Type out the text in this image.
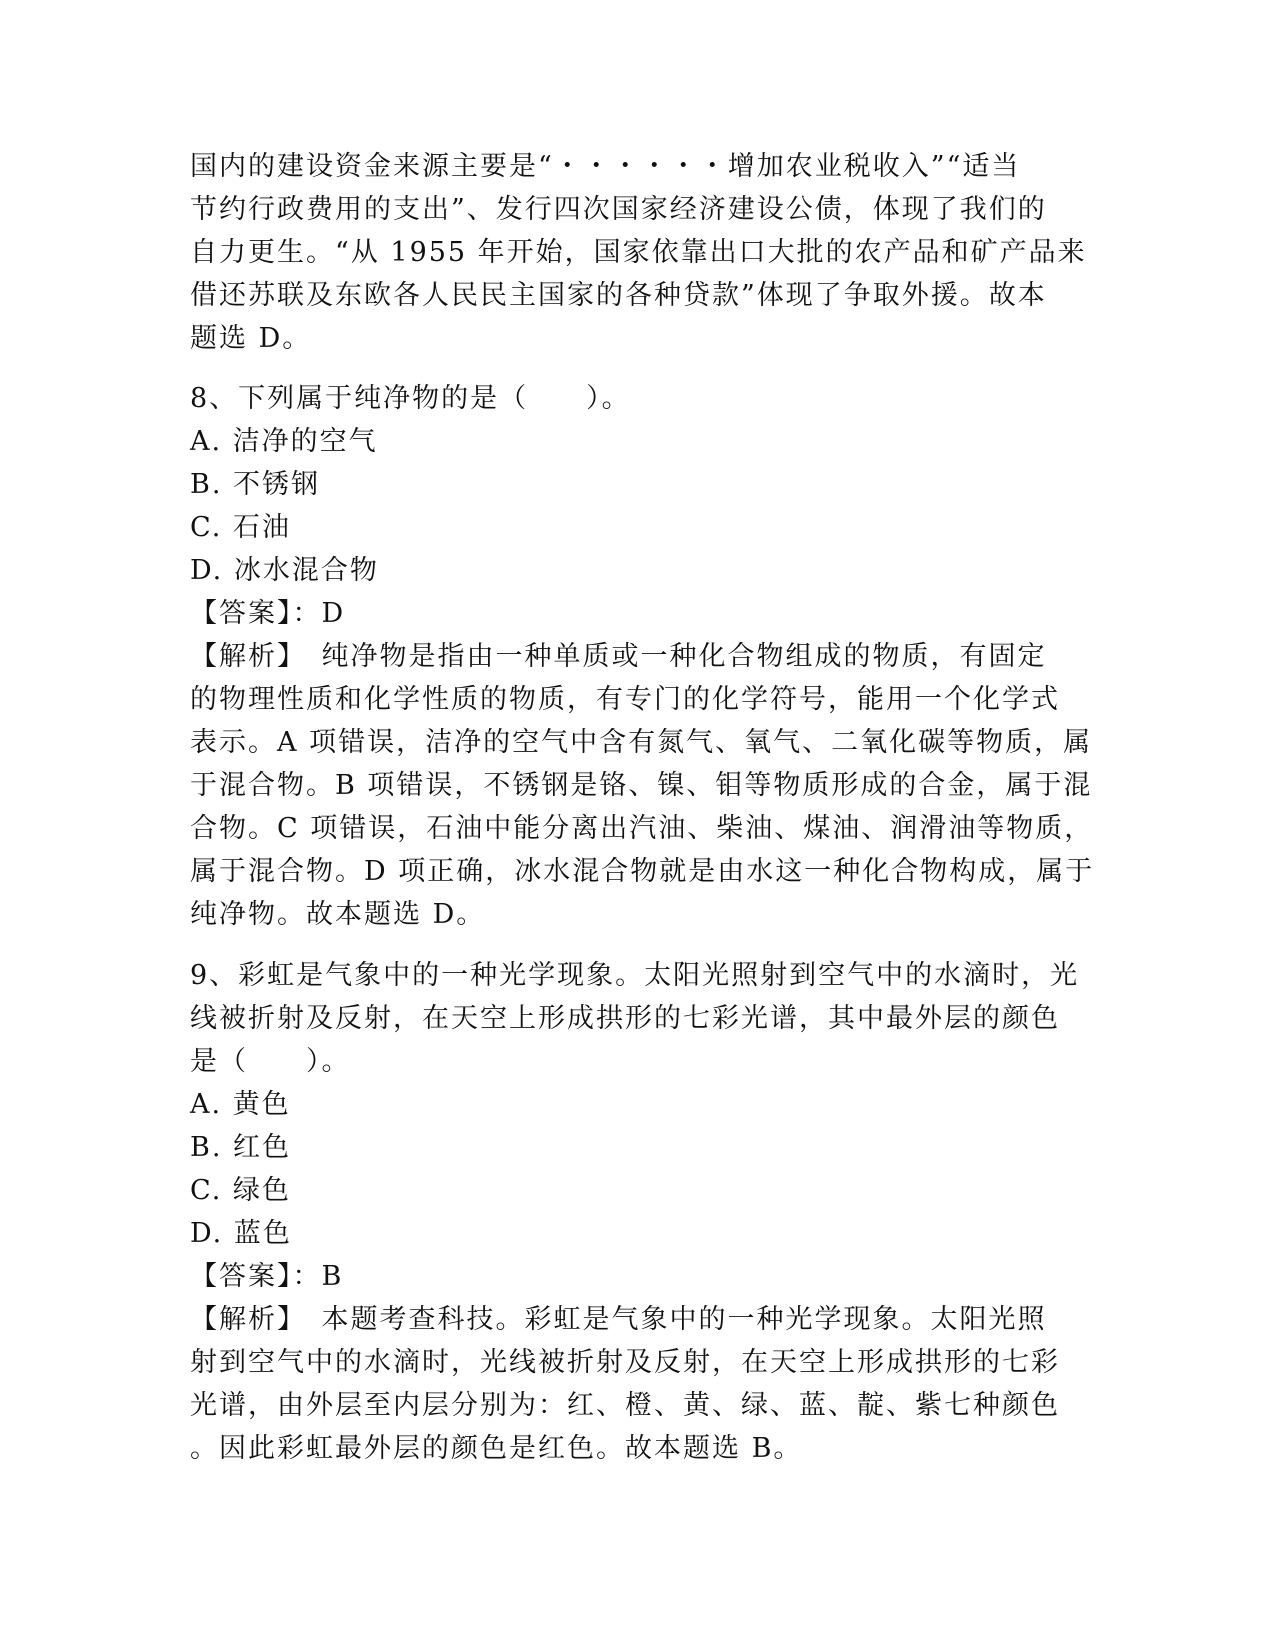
国内的建设资金来源主要是“・・・・・・增加农业税收入”“适当
节约行政费用的支出”、发行四次国家经济建设公债，体现了我们的
自力更生。“从 1955 年开始，国家依靠出口大批的农产品和矿产品来
借还苏联及东欧各人民民主国家的各种贷款”体现了争取外援。故本
题选 D。
8、下列属于纯净物的是（　　）。
A. 洁净的空气
B. 不锈钢
C. 石油
D. 冰水混合物
【答案】：D
【解析】　纯净物是指由一种单质或一种化合物组成的物质，有固定
的物理性质和化学性质的物质，有专门的化学符号，能用一个化学式
表示。A 项错误，洁净的空气中含有氮气、氧气、二氧化碳等物质，属
于混合物。B 项错误，不锈钢是铬、镍、钼等物质形成的合金，属于混
合物。C 项错误，石油中能分离出汽油、柴油、煤油、润滑油等物质，
属于混合物。D 项正确，冰水混合物就是由水这一种化合物构成，属于
纯净物。故本题选 D。
9、彩虹是气象中的一种光学现象。太阳光照射到空气中的水滴时，光
线被折射及反射，在天空上形成拱形的七彩光谱，其中最外层的颜色
是（　　）。
A. 黄色
B. 红色
C. 绿色
D. 蓝色
【答案】：B
【解析】　本题考查科技。彩虹是气象中的一种光学现象。太阳光照
射到空气中的水滴时，光线被折射及反射，在天空上形成拱形的七彩
光谱，由外层至内层分别为：红、橙、黄、绿、蓝、靛、紫七种颜色
。因此彩虹最外层的颜色是红色。故本题选 B。
